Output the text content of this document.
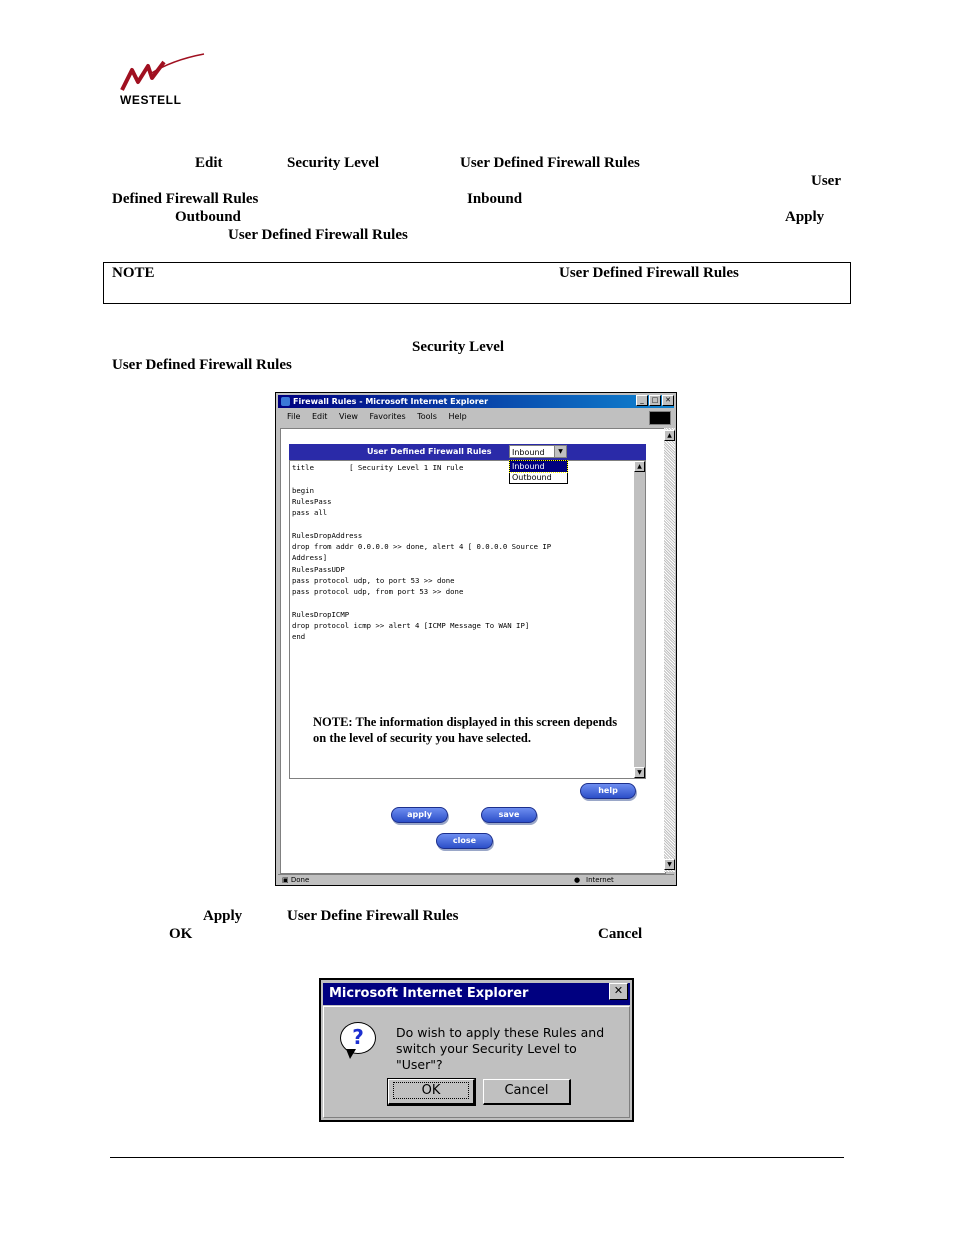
WESTELL
Edit	Security Level	User Defined Firewall Rules
User
Defined Firewall Rules	Inbound
Outbound	Apply
User Defined Firewall Rules
NOTE	User Defined Firewall Rules
Security Level
User Defined Firewall Rules
Firewall Rules - Microsoft Internet Explorer	_	□ ✕
File Edit View Favorites Tools Help
User Defined Firewall Rules	Inbound	▼
title        [ Security Level 1 IN rule

begin
RulesPass
pass all

RulesDropAddress
drop from addr 0.0.0.0 >> done, alert 4 [ 0.0.0.0 Source IP
Address]
RulesPassUDP
pass protocol udp, to port 53 >> done
pass protocol udp, from port 53 >> done

RulesDropICMP
drop protocol icmp >> alert 4 [ICMP Message To WAN IP]
end
NOTE: The information displayed in this screen depends on the level of security you have selected.
▲
▼
Inbound
Outbound
help
apply	save
close
▲
▼
▣ Done	● Internet
Apply	User Define Firewall Rules
OK	Cancel
Microsoft Internet Explorer	✕
?	Do wish to apply these Rules and switch your Security Level to "User"?
OK	Cancel
